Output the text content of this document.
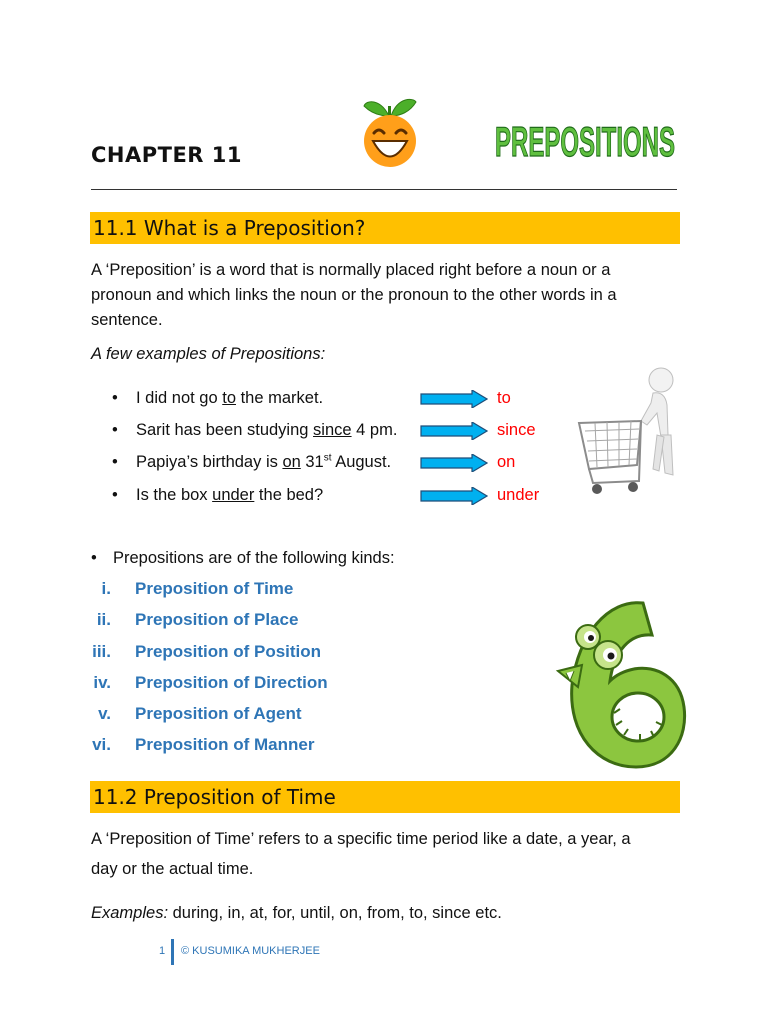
CHAPTER 11	PREPOSITIONS
11.1 What is a Preposition?
A ‘Preposition’ is a word that is normally placed right before a noun or a
pronoun and which links the noun or the pronoun to the other words in a
sentence.
A few examples of Prepositions:
• I did not go to the market.
• Sarit has been studying since 4 pm.
• Papiya’s birthday is on 31st August.
• Is the box under the bed?
to
since
on
under
• Prepositions are of the following kinds:
i. Preposition of Time
ii. Preposition of Place
iii. Preposition of Position
iv. Preposition of Direction
v. Preposition of Agent
vi. Preposition of Manner
11.2 Preposition of Time
A ‘Preposition of Time’ refers to a specific time period like a date, a year, a
day or the actual time.
Examples: during, in, at, for, until, on, from, to, since etc.
1 © KUSUMIKA MUKHERJEE
